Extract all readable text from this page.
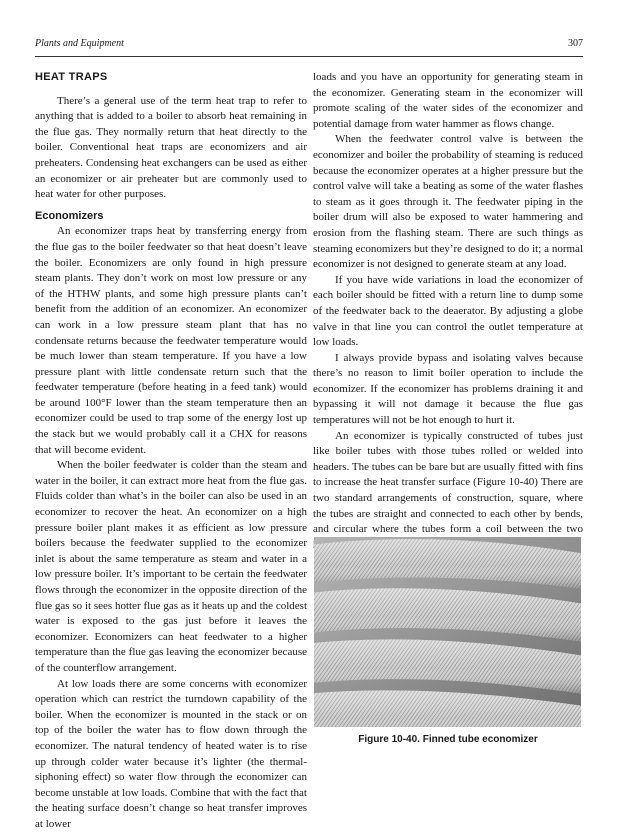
Plants and Equipment	307
HEAT TRAPS

There’s a general use of the term heat trap to refer to anything that is added to a boiler to absorb heat remaining in the flue gas. They normally return that heat directly to the boiler. Conventional heat traps are economizers and air preheaters. Condensing heat exchangers can be used as either an economizer or air preheater but are commonly used to heat water for other purposes.

Economizers

An economizer traps heat by transferring energy from the flue gas to the boiler feedwater so that heat doesn’t leave the boiler. Economizers are only found in high pressure steam plants. They don’t work on most low pressure or any of the HTHW plants, and some high pressure plants can’t benefit from the addition of an economizer. An economizer can work in a low pressure steam plant that has no condensate returns because the feedwater temperature would be much lower than steam temperature. If you have a low pressure plant with little condensate return such that the feedwater temperature (before heating in a feed tank) would be around 100°F lower than the steam temperature then an economizer could be used to trap some of the energy lost up the stack but we would probably call it a CHX for reasons that will become evident.

When the boiler feedwater is colder than the steam and water in the boiler, it can extract more heat from the flue gas. Fluids colder than what’s in the boiler can also be used in an economizer to recover the heat. An economizer on a high pressure boiler plant makes it as efficient as low pressure boilers because the feedwater supplied to the economizer inlet is about the same temperature as steam and water in a low pressure boiler. It’s important to be certain the feedwater flows through the economizer in the opposite direction of the flue gas so it sees hotter flue gas as it heats up and the coldest water is exposed to the gas just before it leaves the economizer. Economizers can heat feedwater to a higher temperature than the flue gas leaving the economizer because of the counterflow arrangement.

At low loads there are some concerns with economizer operation which can restrict the turndown capability of the boiler. When the economizer is mounted in the stack or on top of the boiler the water has to flow down through the economizer. The natural tendency of heated water is to rise up through colder water because it’s lighter (the thermal-siphoning effect) so water flow through the economizer can become unstable at low loads. Combine that with the fact that the heating surface doesn’t change so heat transfer improves at lower

loads and you have an opportunity for generating steam in the economizer. Generating steam in the economizer will promote scaling of the water sides of the economizer and potential damage from water hammer as flows change.

When the feedwater control valve is between the economizer and boiler the probability of steaming is reduced because the economizer operates at a higher pressure but the control valve will take a beating as some of the water flashes to steam as it goes through it. The feedwater piping in the boiler drum will also be exposed to water hammering and erosion from the flashing steam. There are such things as steaming economizers but they’re designed to do it; a normal economizer is not designed to generate steam at any load.

If you have wide variations in load the economizer of each boiler should be fitted with a return line to dump some of the feedwater back to the deaerator. By adjusting a globe valve in that line you can control the outlet temperature at low loads.

I always provide bypass and isolating valves because there’s no reason to limit boiler operation to include the economizer. If the economizer has problems draining it and bypassing it will not damage it because the flue gas temperatures will not be hot enough to hurt it.

An economizer is typically constructed of tubes just like boiler tubes with those tubes rolled or welded into headers. The tubes can be bare but are usually fitted with fins to increase the heat transfer surface (Figure 10-40) There are two standard arrangements of construction, square, where the tubes are straight and connected to each other by bends, and circular where the tubes form a coil between the two

Figure 10-40. Finned tube economizer
